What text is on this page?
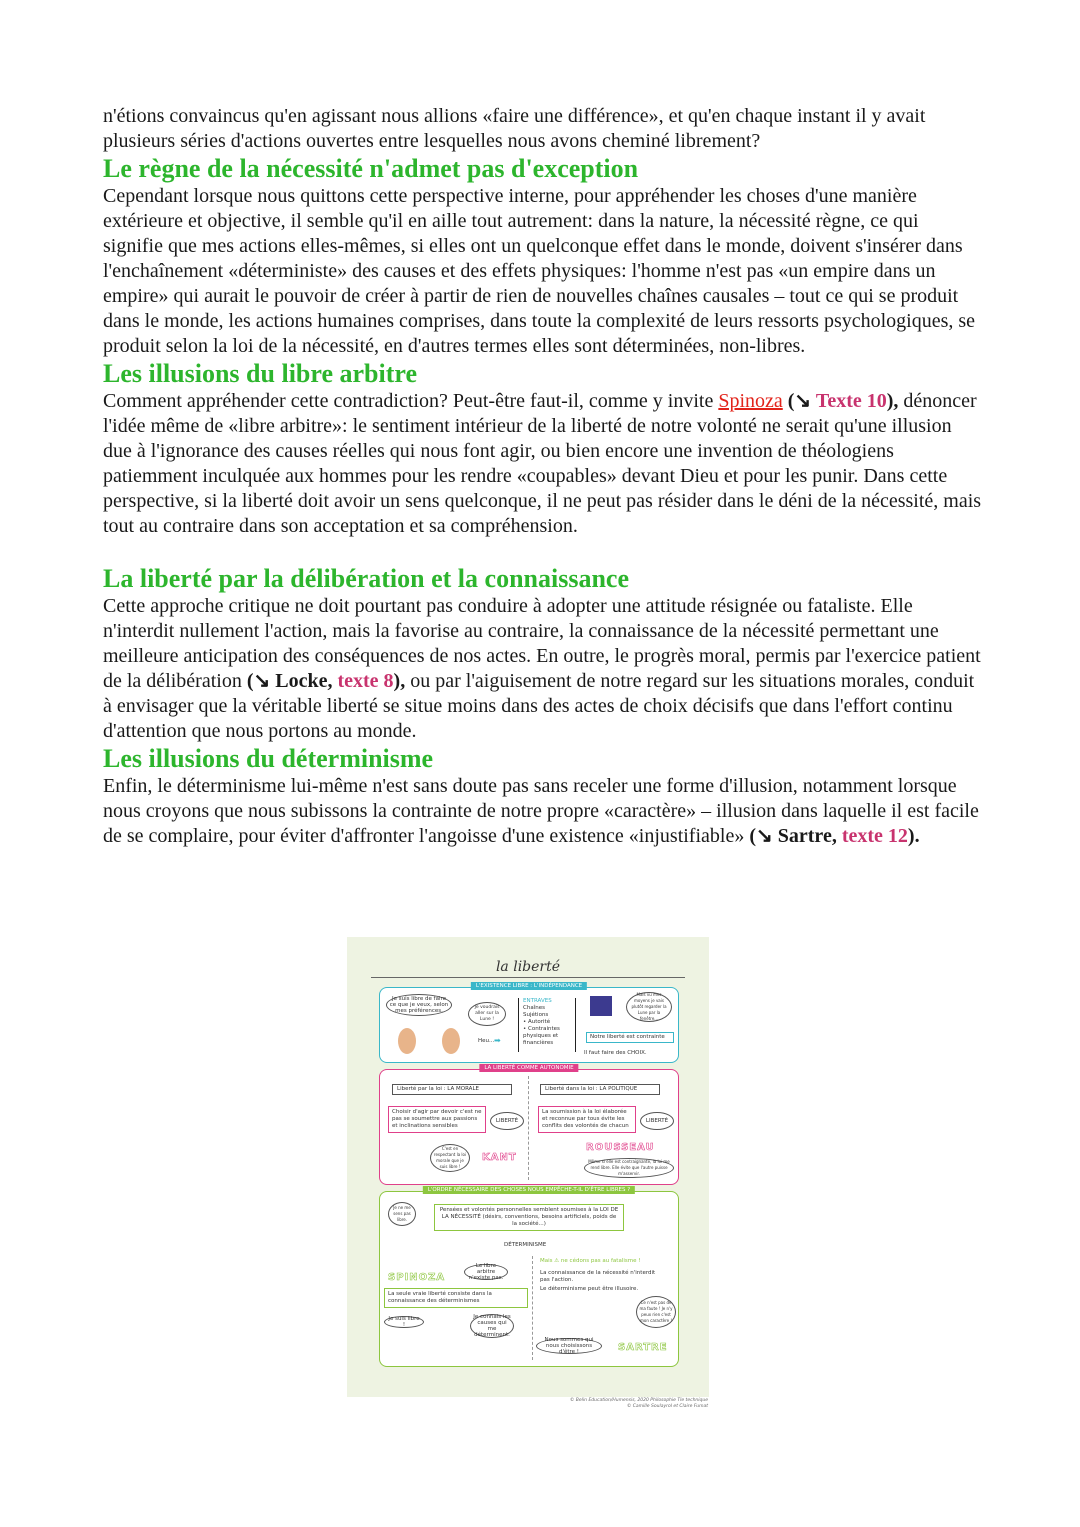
n'étions convaincus qu'en agissant nous allions «faire une différence», et qu'en chaque instant il y avait plusieurs séries d'actions ouvertes entre lesquelles nous avons cheminé librement?

Le règne de la nécessité n'admet pas d'exception

Cependant lorsque nous quittons cette perspective interne, pour appréhender les choses d'une manière extérieure et objective, il semble qu'il en aille tout autrement: dans la nature, la nécessité règne, ce qui signifie que mes actions elles-mêmes, si elles ont un quelconque effet dans le monde, doivent s'insérer dans l'enchaînement «déterministe» des causes et des effets physiques: l'homme n'est pas «un empire dans un empire» qui aurait le pouvoir de créer à partir de rien de nouvelles chaînes causales – tout ce qui se produit dans le monde, les actions humaines comprises, dans toute la complexité de leurs ressorts psychologiques, se produit selon la loi de la nécessité, en d'autres termes elles sont déterminées, non-libres.

Les illusions du libre arbitre

Comment appréhender cette contradiction? Peut-être faut-il, comme y invite Spinoza (↘ Texte 10), dénoncer l'idée même de «libre arbitre»: le sentiment intérieur de la liberté de notre volonté ne serait qu'une illusion due à l'ignorance des causes réelles qui nous font agir, ou bien encore une invention de théologiens patiemment inculquée aux hommes pour les rendre «coupables» devant Dieu et pour les punir. Dans cette perspective, si la liberté doit avoir un sens quelconque, il ne peut pas résider dans le déni de la nécessité, mais tout au contraire dans son acceptation et sa compréhension.

La liberté par la délibération et la connaissance

Cette approche critique ne doit pourtant pas conduire à adopter une attitude résignée ou fataliste. Elle n'interdit nullement l'action, mais la favorise au contraire, la connaissance de la nécessité permettant une meilleure anticipation des conséquences de nos actes. En outre, le progrès moral, permis par l'exercice patient de la délibération (↘ Locke, texte 8), ou par l'aiguisement de notre regard sur les situations morales, conduit à envisager que la véritable liberté se situe moins dans des actes de choix décisifs que dans l'effort continu d'attention que nous portons au monde.

Les illusions du déterminisme

Enfin, le déterminisme lui-même n'est sans doute pas sans receler une forme d'illusion, notamment lorsque nous croyons que nous subissons la contrainte de notre propre «caractère» – illusion dans laquelle il est facile de se complaire, pour éviter d'affronter l'angoisse d'une existence «injustifiable» (↘ Sartre, texte 12).

la liberté
L'EXISTENCE LIBRE : L'INDÉPENDANCE
Je suis libre de faire ce que je veux, selon mes préférences.
Je voudrais aller sur la Lune !
Heu... ➡
ENTRAVES
Chaînes
Sujétions
• Autorité
• Contraintes physiques et financières
Mais vu mes moyens je vais plutôt regarder la Lune par la fenêtre...
Notre liberté est contrainte
Il faut faire des CHOIX.
LA LIBERTÉ COMME AUTONOMIE
Liberté par la loi : LA MORALE	Liberté dans la loi : LA POLITIQUE
Choisir d'agir par devoir c'est ne pas se soumettre aux passions et inclinations sensibles
La soumission à la loi élaborée et reconnue par tous évite les conflits des volontés de chacun
LIBERTÉ	LIBERTÉ
C'est en respectant la loi morale que je suis libre !
KANT
ROUSSEAU
Même si elle est contraignante, la loi me rend libre. Elle évite que l'autre puisse m'asservir.
L'ORDRE NÉCESSAIRE DES CHOSES NOUS EMPÊCHE-T-IL D'ÊTRE LIBRES ?
Je ne me sens pas libre.
Pensées et volontés personnelles semblent soumises à la LOI DE LA NÉCESSITÉ (désirs, conventions, besoins artificiels, poids de la société...)
DÉTERMINISME
SPINOZA
Le libre arbitre n'existe pas.
La seule vraie liberté consiste dans la connaissance des déterminismes
Je suis libre !
Je connais les causes qui me déterminent.
Mais ⚠ ne cédons pas au fatalisme !
La connaissance de la nécessité n'interdit pas l'action.
Le déterminisme peut être illusoire.
Ce n'est pas de ma faute ! Je n'y peux rien c'est mon caractère !
Nous sommes qui nous choisissons d'être !	SARTRE
© Belin Education/Humensis, 2020 Philosophie Tle technique
© Camille Soulayrol et Claire Fumat
